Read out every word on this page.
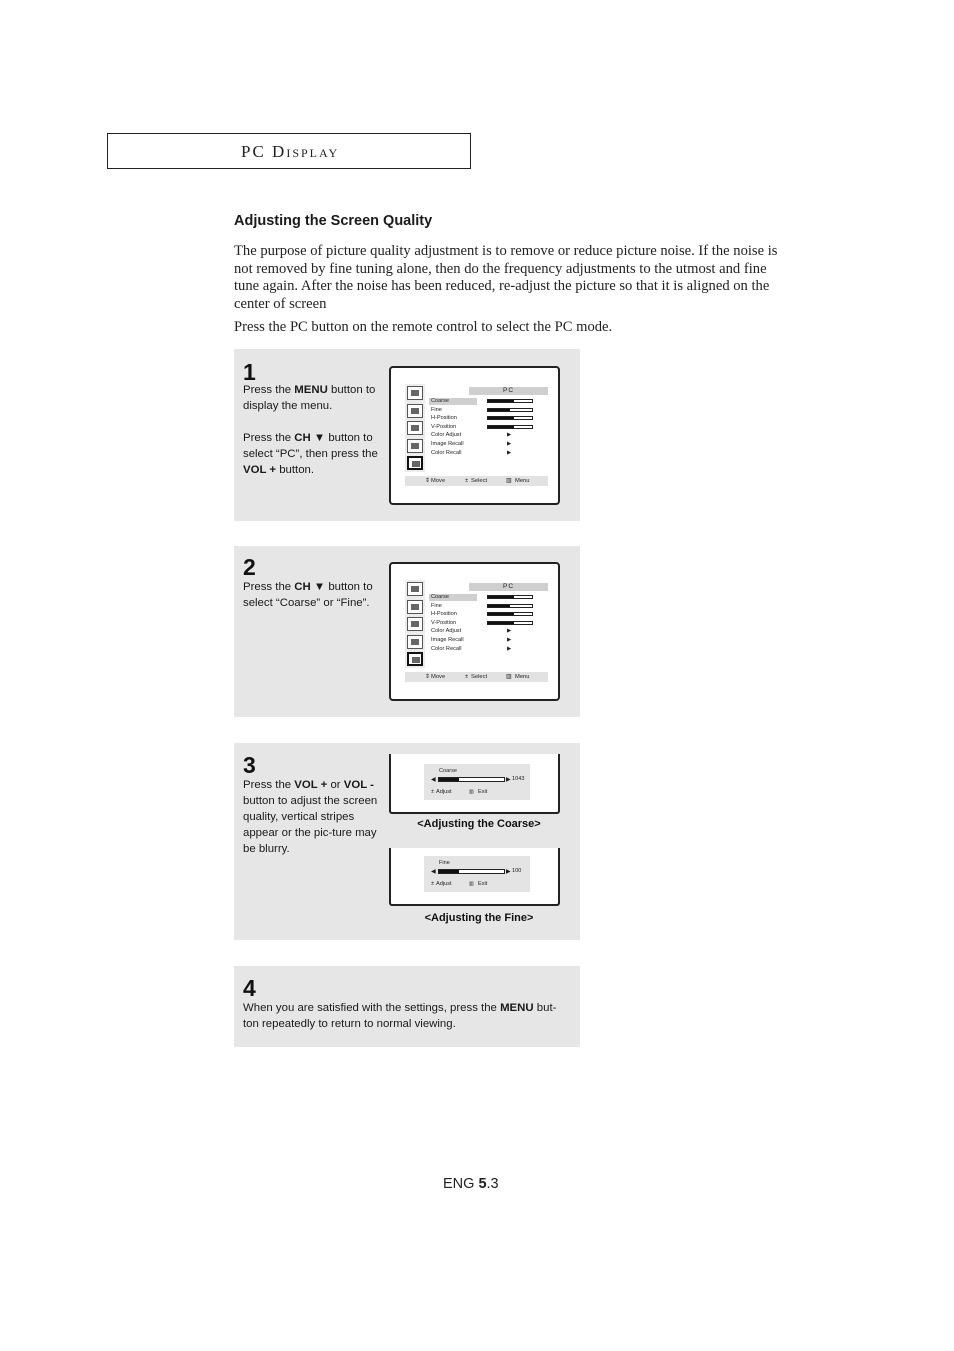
PC Display
Adjusting the Screen Quality

The purpose of picture quality adjustment is to remove or reduce picture noise. If the noise is not removed by fine tuning alone, then do the frequency adjustments to the utmost and fine tune again. After the noise has been reduced, re-adjust the picture so that it is aligned on the center of screen

Press the PC button on the remote control to select the PC mode.

1

Press the MENU button to display the menu.

Press the CH ▼ button to select “PC”, then press the VOL + button.

PC
Coarse
Fine
H-Position
V-Position
Color Adjust	▶
Image Recall	▶
Color Recall	▶
⇕ Move	± Select	▥ Menu
2

Press the CH ▼ button to select “Coarse” or “Fine”.

PC
Coarse
Fine
H-Position
V-Position
Color Adjust	▶
Image Recall	▶
Color Recall	▶
⇕ Move	± Select	▥ Menu
3

Press the VOL + or VOL - button to adjust the screen quality, vertical stripes appear or the pic-ture may be blurry.

Coarse
◀	▶ 1043
± Adjust	▥ Exit
<Adjusting the Coarse>
Fine
◀	▶ 100
± Adjust	▥ Exit
<Adjusting the Fine>
4

When you are satisfied with the settings, press the MENU but-ton repeatedly to return to normal viewing.

ENG 5.3
